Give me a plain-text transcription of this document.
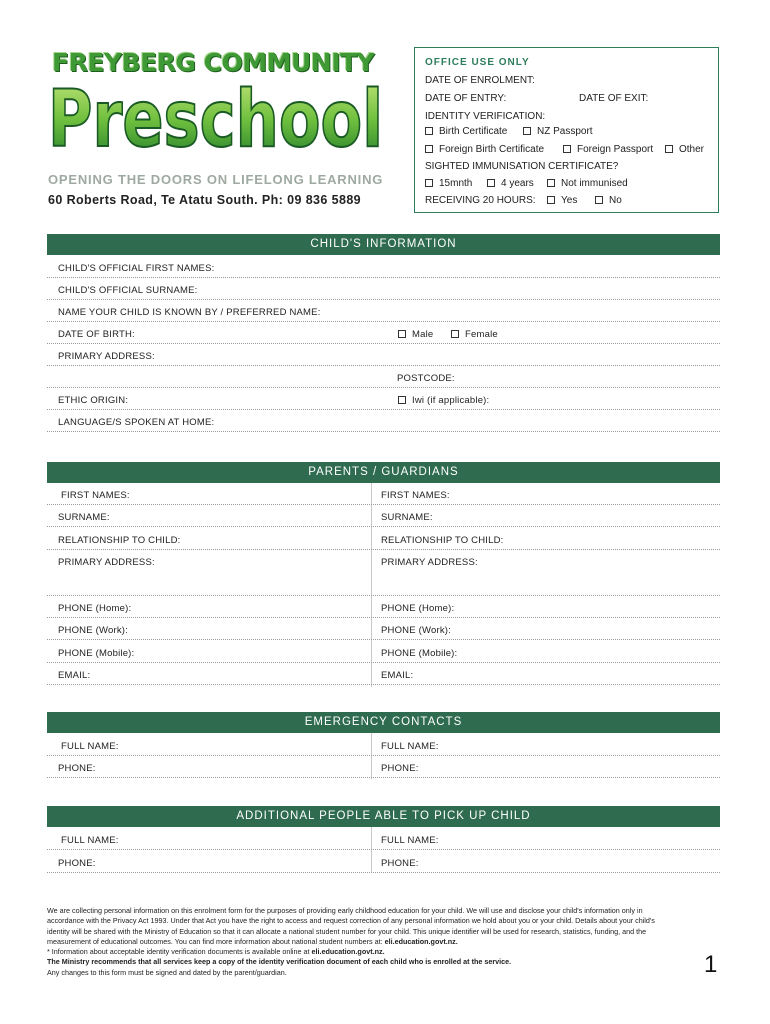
FREYBERG COMMUNITY
Preschool
OPENING THE DOORS ON LIFELONG LEARNING
60 Roberts Road, Te Atatu South. Ph: 09 836 5889
OFFICE USE ONLY
DATE OF ENROLMENT:
DATE OF ENTRY:	DATE OF EXIT:
IDENTITY VERIFICATION:
Birth Certificate	NZ Passport
Foreign Birth Certificate	Foreign Passport	Other
SIGHTED IMMUNISATION CERTIFICATE?
15mnth	4 years	Not immunised
RECEIVING 20 HOURS:	Yes	No
CHILD'S INFORMATION
CHILD'S OFFICIAL FIRST NAMES:
CHILD'S OFFICIAL SURNAME:
NAME YOUR CHILD IS KNOWN BY / PREFERRED NAME:
DATE OF BIRTH:	Male	Female
PRIMARY ADDRESS:
POSTCODE:
ETHIC ORIGIN:	Iwi (if applicable):
LANGUAGE/S SPOKEN AT HOME:
PARENTS / GUARDIANS
FIRST NAMES:	FIRST NAMES:
SURNAME:	SURNAME:
RELATIONSHIP TO CHILD:	RELATIONSHIP TO CHILD:
PRIMARY ADDRESS:	PRIMARY ADDRESS:
PHONE (Home):	PHONE (Home):
PHONE (Work):	PHONE (Work):
PHONE (Mobile):	PHONE (Mobile):
EMAIL:	EMAIL:
EMERGENCY CONTACTS
FULL NAME:	FULL NAME:
PHONE:	PHONE:
ADDITIONAL PEOPLE ABLE TO PICK UP CHILD
FULL NAME:	FULL NAME:
PHONE:	PHONE:
We are collecting personal information on this enrolment form for the purposes of providing early childhood education for your child. We will use and disclose your child's information only in accordance with the Privacy Act 1993. Under that Act you have the right to access and request correction of any personal information we hold about you or your child. Details about your child's identity will be shared with the Ministry of Education so that it can allocate a national student number for your child. This unique identifier will be used for research, statistics, funding, and the measurement of educational outcomes. You can find more information about national student numbers at: eli.education.govt.nz.
* Information about acceptable identity verification documents is available online at eli.education.govt.nz.
The Ministry recommends that all services keep a copy of the identity verification document of each child who is enrolled at the service.
Any changes to this form must be signed and dated by the parent/guardian.	1
